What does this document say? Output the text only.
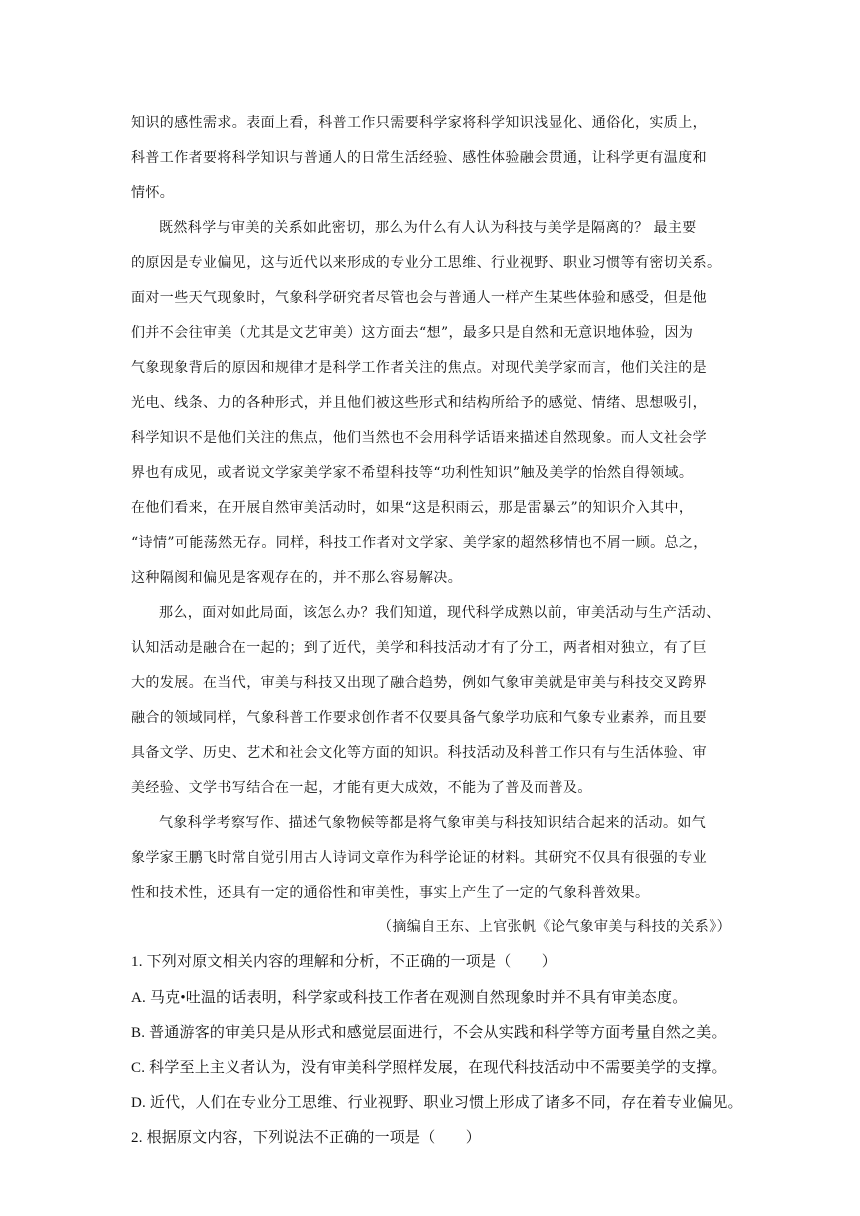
知识的感性需求。表面上看，科普工作只需要科学家将科学知识浅显化、通俗化，实质上，
科普工作者要将科学知识与普通人的日常生活经验、感性体验融会贯通，让科学更有温度和
情怀。
既然科学与审美的关系如此密切，那么为什么有人认为科技与美学是隔离的？ 最主要
的原因是专业偏见，这与近代以来形成的专业分工思维、行业视野、职业习惯等有密切关系。
面对一些天气现象时，气象科学研究者尽管也会与普通人一样产生某些体验和感受，但是他
们并不会往审美（尤其是文艺审美）这方面去“想”，最多只是自然和无意识地体验，因为
气象现象背后的原因和规律才是科学工作者关注的焦点。对现代美学家而言，他们关注的是
光电、线条、力的各种形式，并且他们被这些形式和结构所给予的感觉、情绪、思想吸引，
科学知识不是他们关注的焦点，他们当然也不会用科学话语来描述自然现象。而人文社会学
界也有成见，或者说文学家美学家不希望科技等“功利性知识”触及美学的怡然自得领域。
在他们看来，在开展自然审美活动时，如果“这是积雨云，那是雷暴云”的知识介入其中，
“诗情”可能荡然无存。同样，科技工作者对文学家、美学家的超然移情也不屑一顾。总之，
这种隔阂和偏见是客观存在的，并不那么容易解决。
那么，面对如此局面，该怎么办？我们知道，现代科学成熟以前，审美活动与生产活动、
认知活动是融合在一起的；到了近代，美学和科技活动才有了分工，两者相对独立，有了巨
大的发展。在当代，审美与科技又出现了融合趋势，例如气象审美就是审美与科技交叉跨界
融合的领域同样，气象科普工作要求创作者不仅要具备气象学功底和气象专业素养，而且要
具备文学、历史、艺术和社会文化等方面的知识。科技活动及科普工作只有与生活体验、审
美经验、文学书写结合在一起，才能有更大成效，不能为了普及而普及。
气象科学考察写作、描述气象物候等都是将气象审美与科技知识结合起来的活动。如气
象学家王鹏飞时常自觉引用古人诗词文章作为科学论证的材料。其研究不仅具有很强的专业
性和技术性，还具有一定的通俗性和审美性，事实上产生了一定的气象科普效果。
（摘编自王东、上官张帆《论气象审美与科技的关系》）
1. 下列对原文相关内容的理解和分析，不正确的一项是（　　）
A. 马克•吐温的话表明，科学家或科技工作者在观测自然现象时并不具有审美态度。
B. 普通游客的审美只是从形式和感觉层面进行，不会从实践和科学等方面考量自然之美。
C. 科学至上主义者认为，没有审美科学照样发展，在现代科技活动中不需要美学的支撑。
D. 近代，人们在专业分工思维、行业视野、职业习惯上形成了诸多不同，存在着专业偏见。
2. 根据原文内容，下列说法不正确的一项是（　　）
